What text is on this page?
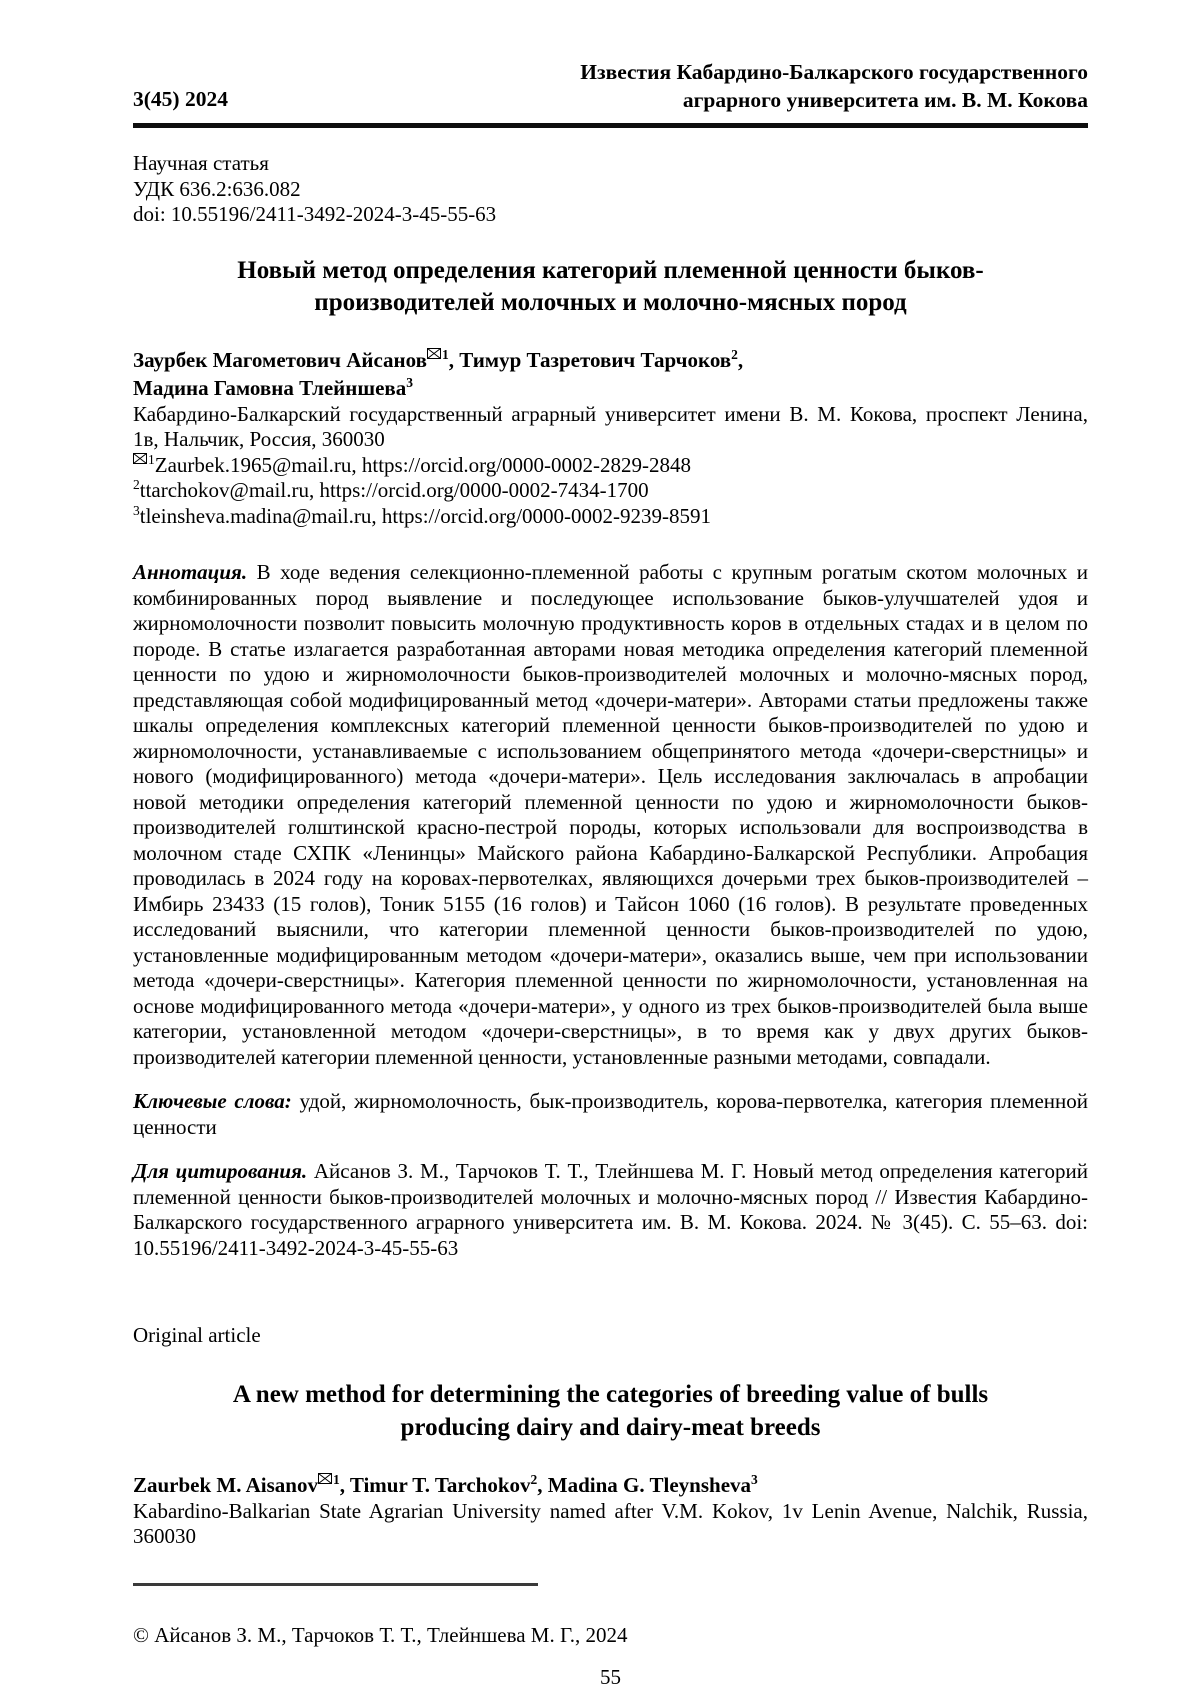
3(45) 2024
Известия Кабардино-Балкарского государственного
аграрного университета им. В. М. Кокова

Научная статья

УДК 636.2:636.082

doi: 10.55196/2411-3492-2024-3-45-55-63

Новый метод определения категорий племенной ценности быков-производителей молочных и молочно-мясных пород

Заурбек Магометович Айсанов $^1$, Тимур Тазретович Тарчоков$^2$,

Мадина Гамовна Тлейншева$^3$

Кабардино-Балкарский государственный аграрный университет имени В. М. Кокова, проспект Ленина, 1в, Нальчик, Россия, 360030

$^1$Zaurbek.1965@mail.ru, https://orcid.org/0000-0002-2829-2848

$^2$ttarchokov@mail.ru, https://orcid.org/0000-0002-7434-1700

$^3$tleinsheva.madina@mail.ru, https://orcid.org/0000-0002-9239-8591

Аннотация. В ходе ведения селекционно-племенной работы с крупным рогатым скотом молочных и комбинированных пород выявление и последующее использование быков-улучшателей удоя и жирномолочности позволит повысить молочную продуктивность коров в отдельных стадах и в целом по породе. В статье излагается разработанная авторами новая методика определения категорий племенной ценности по удою и жирномолочности быков-производителей молочных и молочно-мясных пород, представляющая собой модифицированный метод «дочери-матери». Авторами статьи предложены также шкалы определения комплексных категорий племенной ценности быков-производителей по удою и жирномолочности, устанавливаемые с использованием общепринятого метода «дочери-сверстницы» и нового (модифицированного) метода «дочери-матери». Цель исследования заключалась в апробации новой методики определения категорий племенной ценности по удою и жирномолочности быков-производителей голштинской красно-пестрой породы, которых использовали для воспроизводства в молочном стаде СХПК «Ленинцы» Майского района Кабардино-Балкарской Республики. Апробация проводилась в 2024 году на коровах-первотелках, являющихся дочерьми трех быков-производителей – Имбирь 23433 (15 голов), Тоник 5155 (16 голов) и Тайсон 1060 (16 голов). В результате проведенных исследований выяснили, что категории племенной ценности быков-производителей по удою, установленные модифицированным методом «дочери-матери», оказались выше, чем при использовании метода «дочери-сверстницы». Категория племенной ценности по жирномолочности, установленная на основе модифицированного метода «дочери-матери», у одного из трех быков-производителей была выше категории, установленной методом «дочери-сверстницы», в то время как у двух других быков-производителей категории племенной ценности, установленные разными методами, совпадали.

Ключевые слова: удой, жирномолочность, бык-производитель, корова-первотелка, категория племенной ценности

Для цитирования. Айсанов З. М., Тарчоков Т. Т., Тлейншева М. Г. Новый метод определения категорий племенной ценности быков-производителей молочных и молочно-мясных пород // Известия Кабардино-Балкарского государственного аграрного университета им. В. М. Кокова. 2024. № 3(45). С. 55–63. doi: 10.55196/2411-3492-2024-3-45-55-63

Original article

A new method for determining the categories of breeding value of bulls producing dairy and dairy-meat breeds

Zaurbek M. Aisanov $^1$, Timur T. Tarchokov$^2$, Madina G. Tleynsheva$^3$

Kabardino-Balkarian State Agrarian University named after V.M. Kokov, 1v Lenin Avenue, Nalchik, Russia, 360030

© Айсанов З. М., Тарчоков Т. Т., Тлейншева М. Г., 2024

55
